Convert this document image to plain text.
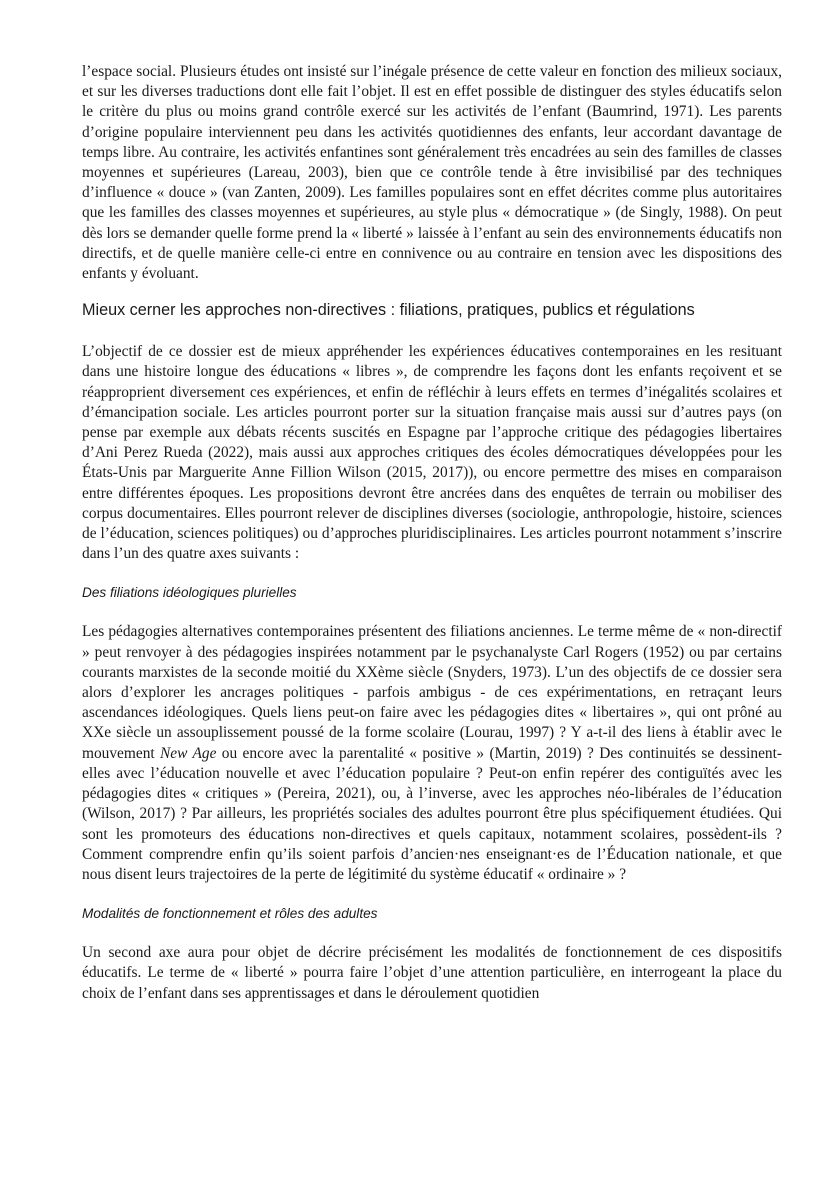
l’espace social. Plusieurs études ont insisté sur l’inégale présence de cette valeur en fonction des milieux sociaux, et sur les diverses traductions dont elle fait l’objet. Il est en effet possible de distinguer des styles éducatifs selon le critère du plus ou moins grand contrôle exercé sur les activités de l’enfant (Baumrind, 1971). Les parents d’origine populaire interviennent peu dans les activités quotidiennes des enfants, leur accordant davantage de temps libre. Au contraire, les activités enfantines sont généralement très encadrées au sein des familles de classes moyennes et supérieures (Lareau, 2003), bien que ce contrôle tende à être invisibilisé par des techniques d’influence « douce » (van Zanten, 2009). Les familles populaires sont en effet décrites comme plus autoritaires que les familles des classes moyennes et supérieures, au style plus « démocratique » (de Singly, 1988). On peut dès lors se demander quelle forme prend la « liberté » laissée à l’enfant au sein des environnements éducatifs non directifs, et de quelle manière celle-ci entre en connivence ou au contraire en tension avec les dispositions des enfants y évoluant.

Mieux cerner les approches non-directives : filiations, pratiques, publics et régulations

L’objectif de ce dossier est de mieux appréhender les expériences éducatives contemporaines en les resituant dans une histoire longue des éducations « libres », de comprendre les façons dont les enfants reçoivent et se réapproprient diversement ces expériences, et enfin de réfléchir à leurs effets en termes d’inégalités scolaires et d’émancipation sociale. Les articles pourront porter sur la situation française mais aussi sur d’autres pays (on pense par exemple aux débats récents suscités en Espagne par l’approche critique des pédagogies libertaires d’Ani Perez Rueda (2022), mais aussi aux approches critiques des écoles démocratiques développées pour les États-Unis par Marguerite Anne Fillion Wilson (2015, 2017)), ou encore permettre des mises en comparaison entre différentes époques. Les propositions devront être ancrées dans des enquêtes de terrain ou mobiliser des corpus documentaires. Elles pourront relever de disciplines diverses (sociologie, anthropologie, histoire, sciences de l’éducation, sciences politiques) ou d’approches pluridisciplinaires. Les articles pourront notamment s’inscrire dans l’un des quatre axes suivants :

Des filiations idéologiques plurielles

Les pédagogies alternatives contemporaines présentent des filiations anciennes. Le terme même de « non-directif » peut renvoyer à des pédagogies inspirées notamment par le psychanalyste Carl Rogers (1952) ou par certains courants marxistes de la seconde moitié du XXème siècle (Snyders, 1973). L’un des objectifs de ce dossier sera alors d’explorer les ancrages politiques - parfois ambigus - de ces expérimentations, en retraçant leurs ascendances idéologiques. Quels liens peut-on faire avec les pédagogies dites « libertaires », qui ont prôné au XXe siècle un assouplissement poussé de la forme scolaire (Lourau, 1997) ? Y a-t-il des liens à établir avec le mouvement New Age ou encore avec la parentalité « positive » (Martin, 2019) ? Des continuités se dessinent-elles avec l’éducation nouvelle et avec l’éducation populaire ? Peut-on enfin repérer des contiguïtés avec les pédagogies dites « critiques » (Pereira, 2021), ou, à l’inverse, avec les approches néo-libérales de l’éducation (Wilson, 2017) ? Par ailleurs, les propriétés sociales des adultes pourront être plus spécifiquement étudiées. Qui sont les promoteurs des éducations non-directives et quels capitaux, notamment scolaires, possèdent-ils ? Comment comprendre enfin qu’ils soient parfois d’ancien·nes enseignant·es de l’Éducation nationale, et que nous disent leurs trajectoires de la perte de légitimité du système éducatif « ordinaire » ?

Modalités de fonctionnement et rôles des adultes

Un second axe aura pour objet de décrire précisément les modalités de fonctionnement de ces dispositifs éducatifs. Le terme de « liberté » pourra faire l’objet d’une attention particulière, en interrogeant la place du choix de l’enfant dans ses apprentissages et dans le déroulement quotidien
